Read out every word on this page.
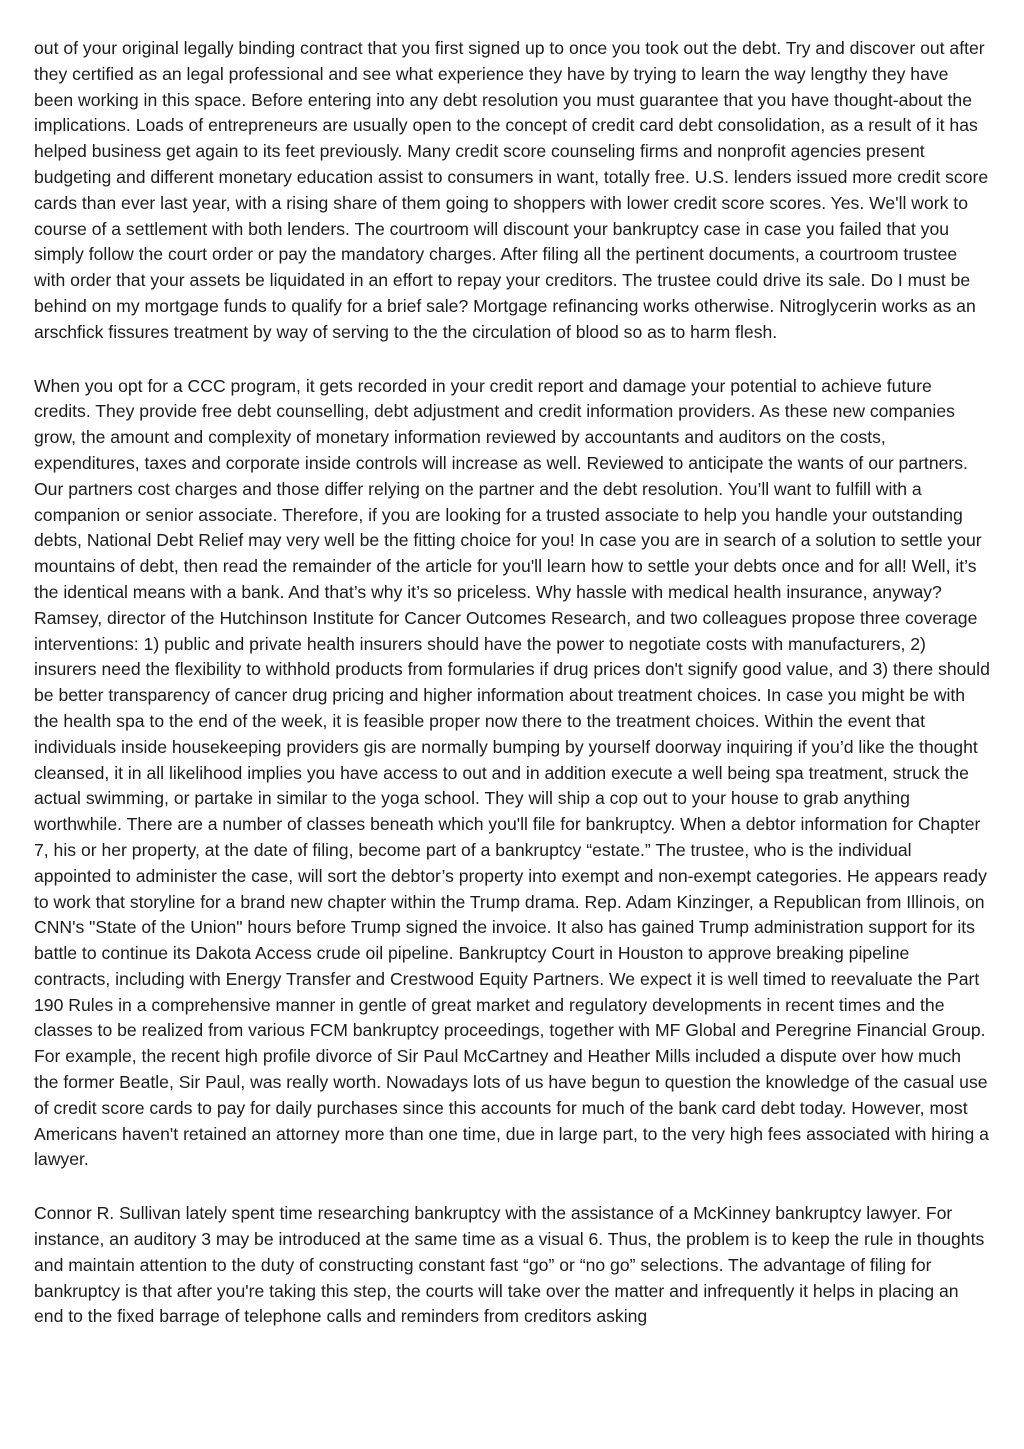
out of your original legally binding contract that you first signed up to once you took out the debt. Try and discover out after they certified as an legal professional and see what experience they have by trying to learn the way lengthy they have been working in this space. Before entering into any debt resolution you must guarantee that you have thought-about the implications. Loads of entrepreneurs are usually open to the concept of credit card debt consolidation, as a result of it has helped business get again to its feet previously. Many credit score counseling firms and nonprofit agencies present budgeting and different monetary education assist to consumers in want, totally free. U.S. lenders issued more credit score cards than ever last year, with a rising share of them going to shoppers with lower credit score scores. Yes. We'll work to course of a settlement with both lenders. The courtroom will discount your bankruptcy case in case you failed that you simply follow the court order or pay the mandatory charges. After filing all the pertinent documents, a courtroom trustee with order that your assets be liquidated in an effort to repay your creditors. The trustee could drive its sale. Do I must be behind on my mortgage funds to qualify for a brief sale? Mortgage refinancing works otherwise. Nitroglycerin works as an arschfick fissures treatment by way of serving to the the circulation of blood so as to harm flesh.

When you opt for a CCC program, it gets recorded in your credit report and damage your potential to achieve future credits. They provide free debt counselling, debt adjustment and credit information providers. As these new companies grow, the amount and complexity of monetary information reviewed by accountants and auditors on the costs, expenditures, taxes and corporate inside controls will increase as well. Reviewed to anticipate the wants of our partners. Our partners cost charges and those differ relying on the partner and the debt resolution. You’ll want to fulfill with a companion or senior associate. Therefore, if you are looking for a trusted associate to help you handle your outstanding debts, National Debt Relief may very well be the fitting choice for you! In case you are in search of a solution to settle your mountains of debt, then read the remainder of the article for you'll learn how to settle your debts once and for all! Well, it’s the identical means with a bank. And that’s why it’s so priceless. Why hassle with medical health insurance, anyway? Ramsey, director of the Hutchinson Institute for Cancer Outcomes Research, and two colleagues propose three coverage interventions: 1) public and private health insurers should have the power to negotiate costs with manufacturers, 2) insurers need the flexibility to withhold products from formularies if drug prices don't signify good value, and 3) there should be better transparency of cancer drug pricing and higher information about treatment choices. In case you might be with the health spa to the end of the week, it is feasible proper now there to the treatment choices. Within the event that individuals inside housekeeping providers gis are normally bumping by yourself doorway inquiring if you’d like the thought cleansed, it in all likelihood implies you have access to out and in addition execute a well being spa treatment, struck the actual swimming, or partake in similar to the yoga school. They will ship a cop out to your house to grab anything worthwhile. There are a number of classes beneath which you'll file for bankruptcy. When a debtor information for Chapter 7, his or her property, at the date of filing, become part of a bankruptcy “estate.” The trustee, who is the individual appointed to administer the case, will sort the debtor’s property into exempt and non-exempt categories. He appears ready to work that storyline for a brand new chapter within the Trump drama. Rep. Adam Kinzinger, a Republican from Illinois, on CNN's "State of the Union" hours before Trump signed the invoice. It also has gained Trump administration support for its battle to continue its Dakota Access crude oil pipeline. Bankruptcy Court in Houston to approve breaking pipeline contracts, including with Energy Transfer and Crestwood Equity Partners. We expect it is well timed to reevaluate the Part 190 Rules in a comprehensive manner in gentle of great market and regulatory developments in recent times and the classes to be realized from various FCM bankruptcy proceedings, together with MF Global and Peregrine Financial Group. For example, the recent high profile divorce of Sir Paul McCartney and Heather Mills included a dispute over how much the former Beatle, Sir Paul, was really worth. Nowadays lots of us have begun to question the knowledge of the casual use of credit score cards to pay for daily purchases since this accounts for much of the bank card debt today. However, most Americans haven't retained an attorney more than one time, due in large part, to the very high fees associated with hiring a lawyer.

Connor R. Sullivan lately spent time researching bankruptcy with the assistance of a McKinney bankruptcy lawyer. For instance, an auditory 3 may be introduced at the same time as a visual 6. Thus, the problem is to keep the rule in thoughts and maintain attention to the duty of constructing constant fast “go” or “no go” selections. The advantage of filing for bankruptcy is that after you're taking this step, the courts will take over the matter and infrequently it helps in placing an end to the fixed barrage of telephone calls and reminders from creditors asking
